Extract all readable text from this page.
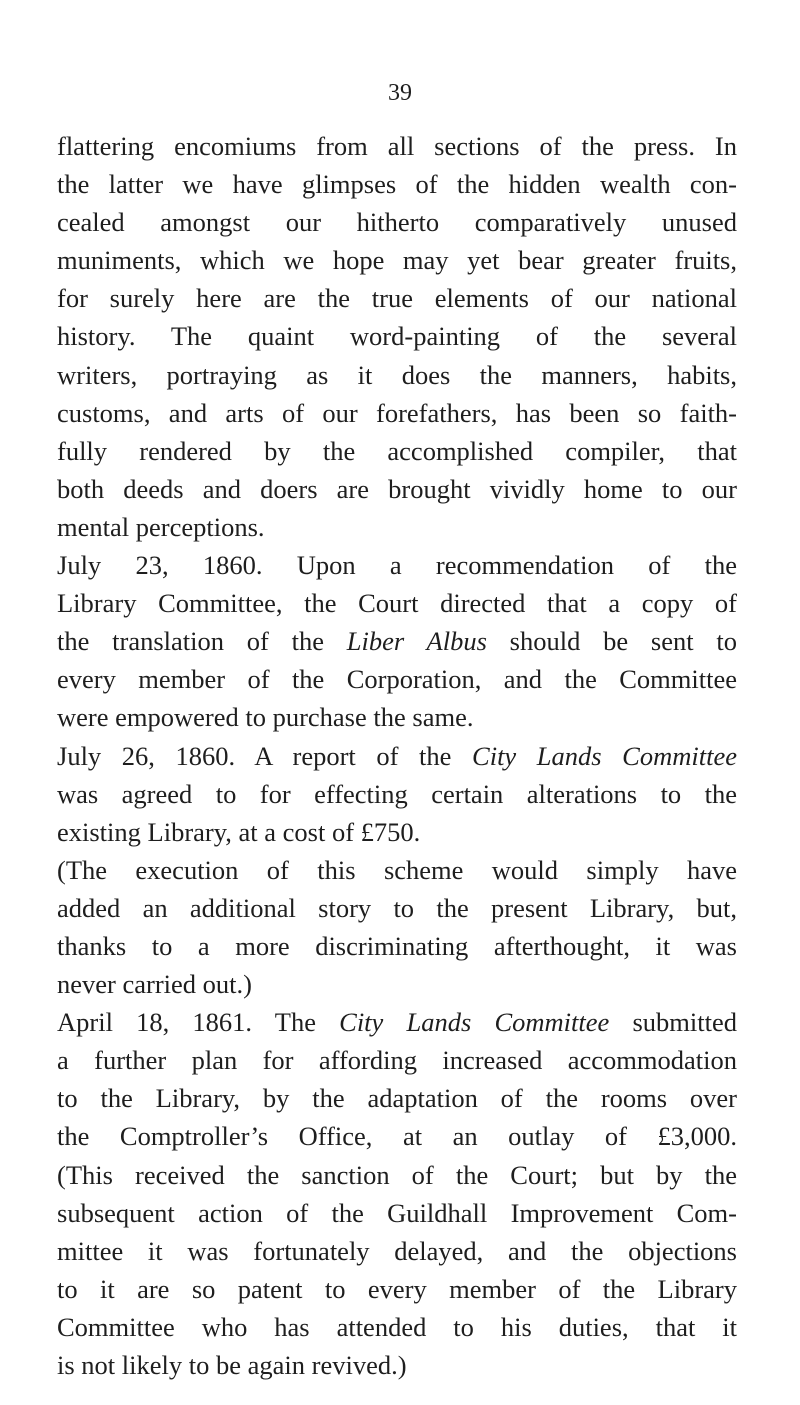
39
flattering encomiums from all sections of the press. In
the latter we have glimpses of the hidden wealth con-
cealed amongst our hitherto comparatively unused
muniments, which we hope may yet bear greater fruits,
for surely here are the true elements of our national
history. The quaint word-painting of the several
writers, portraying as it does the manners, habits,
customs, and arts of our forefathers, has been so faith-
fully rendered by the accomplished compiler, that
both deeds and doers are brought vividly home to our
mental perceptions.
July 23, 1860. Upon a recommendation of the
Library Committee, the Court directed that a copy of
the translation of the Liber Albus should be sent to
every member of the Corporation, and the Committee
were empowered to purchase the same.
July 26, 1860. A report of the City Lands Committee
was agreed to for effecting certain alterations to the
existing Library, at a cost of £750.
(The execution of this scheme would simply have
added an additional story to the present Library, but,
thanks to a more discriminating afterthought, it was
never carried out.)
April 18, 1861. The City Lands Committee submitted
a further plan for affording increased accommodation
to the Library, by the adaptation of the rooms over
the Comptroller’s Office, at an outlay of £3,000.
(This received the sanction of the Court; but by the
subsequent action of the Guildhall Improvement Com-
mittee it was fortunately delayed, and the objections
to it are so patent to every member of the Library
Committee who has attended to his duties, that it
is not likely to be again revived.)
